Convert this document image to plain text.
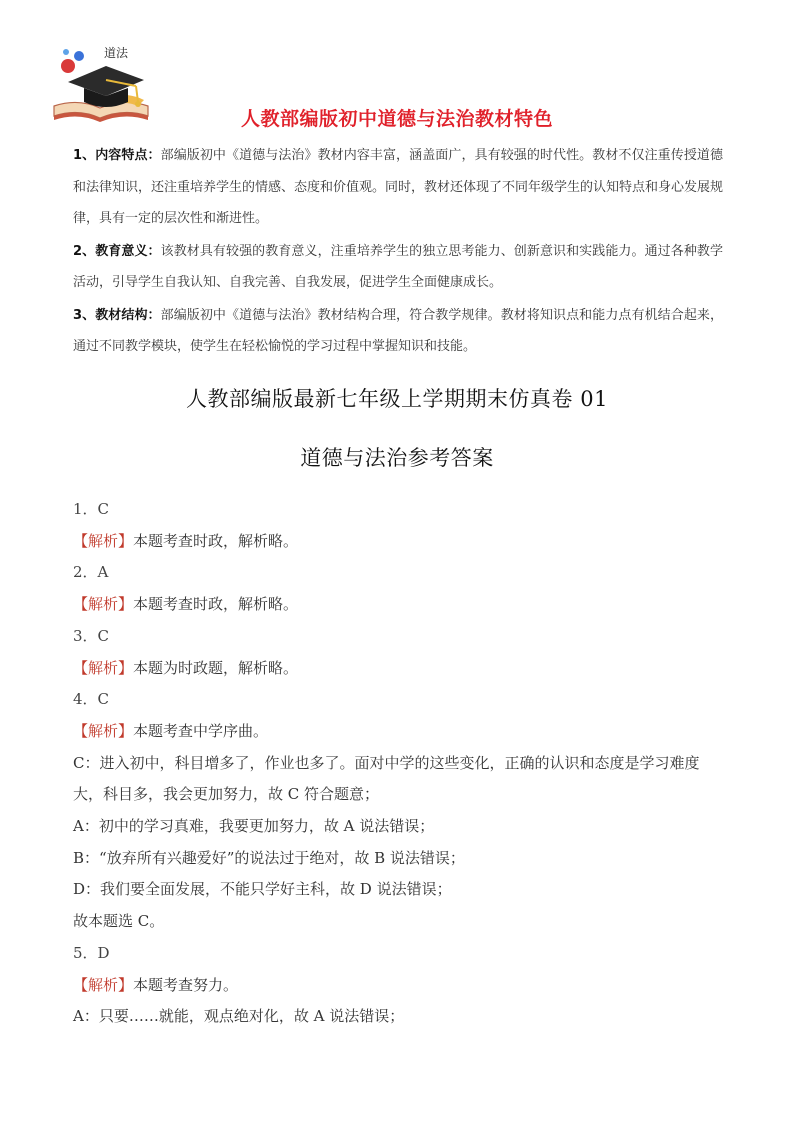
道法
人教部编版初中道德与法治教材特色

1、内容特点：部编版初中《道德与法治》教材内容丰富，涵盖面广，具有较强的时代性。教材不仅注重传授道德和法律知识，还注重培养学生的情感、态度和价值观。同时，教材还体现了不同年级学生的认知特点和身心发展规律，具有一定的层次性和渐进性。

2、教育意义：该教材具有较强的教育意义，注重培养学生的独立思考能力、创新意识和实践能力。通过各种教学活动，引导学生自我认知、自我完善、自我发展，促进学生全面健康成长。

3、教材结构：部编版初中《道德与法治》教材结构合理，符合教学规律。教材将知识点和能力点有机结合起来，通过不同教学模块，使学生在轻松愉悦的学习过程中掌握知识和技能。

人教部编版最新七年级上学期期末仿真卷 01
道德与法治参考答案
1．C
【解析】本题考查时政，解析略。
2．A
【解析】本题考查时政，解析略。
3．C
【解析】本题为时政题，解析略。
4．C
【解析】本题考查中学序曲。
C：进入初中，科目增多了，作业也多了。面对中学的这些变化，正确的认识和态度是学习难度大，科目多，我会更加努力，故 C 符合题意；
A：初中的学习真难，我要更加努力，故 A 说法错误；
B：“放弃所有兴趣爱好”的说法过于绝对，故 B 说法错误；
D：我们要全面发展，不能只学好主科，故 D 说法错误；
故本题选 C。
5．D
【解析】本题考查努力。
A：只要……就能，观点绝对化，故 A 说法错误；
